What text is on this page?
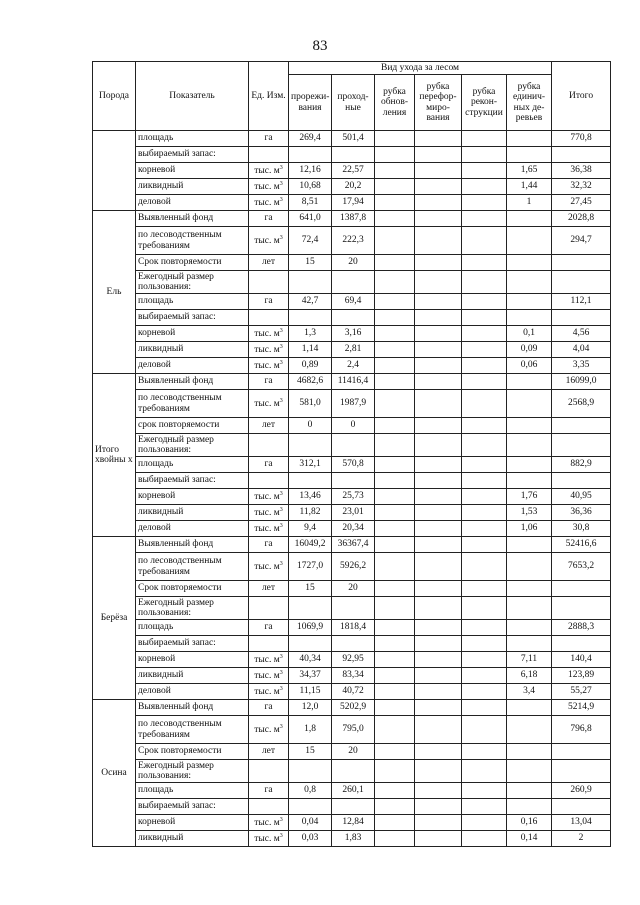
83
Порода	Показатель	Ед. Изм.	Вид ухода за лесом						Итого
			прорежи-вания	проход-ные	рубка обнов-ления	рубка перефор-миро-вания	рубка рекон-струкции	рубка единич-ных де-ревьев	
	площадь	га	269,4	501,4					770,8
	выбираемый запас:								
	корневой	тыс. $м^3$	12,16	22,57				1,65	36,38
	ликвидный	тыс. $м^3$	10,68	20,2				1,44	32,32
	деловой	тыс. $м^3$	8,51	17,94				1	27,45
Ель	Выявленный фонд	га	641,0	1387,8					2028,8
	по лесоводственным требованиям	тыс. $м^3$	72,4	222,3					294,7
	Срок повторяемости	лет	15	20					
	Ежегодный размер пользования:								
	площадь	га	42,7	69,4					112,1
	выбираемый запас:								
	корневой	тыс. $м^3$	1,3	3,16				0,1	4,56
	ликвидный	тыс. $м^3$	1,14	2,81				0,09	4,04
	деловой	тыс. $м^3$	0,89	2,4				0,06	3,35
Итого хвойны х	Выявленный фонд	га	4682,6	11416,4					16099,0
	по лесоводственным требованиям	тыс. $м^3$	581,0	1987,9					2568,9
	срок повторяемости	лет	0	0					
	Ежегодный размер пользования:								
	площадь	га	312,1	570,8					882,9
	выбираемый запас:								
	корневой	тыс. $м^3$	13,46	25,73				1,76	40,95
	ликвидный	тыс. $м^3$	11,82	23,01				1,53	36,36
	деловой	тыс. $м^3$	9,4	20,34				1,06	30,8
Берёза	Выявленный фонд	га	16049,2	36367,4					52416,6
	по лесоводственным требованиям	тыс. $м^3$	1727,0	5926,2					7653,2
	Срок повторяемости	лет	15	20					
	Ежегодный размер пользования:								
	площадь	га	1069,9	1818,4					2888,3
	выбираемый запас:								
	корневой	тыс. $м^3$	40,34	92,95				7,11	140,4
	ликвидный	тыс. $м^3$	34,37	83,34				6,18	123,89
	деловой	тыс. $м^3$	11,15	40,72				3,4	55,27
Осина	Выявленный фонд	га	12,0	5202,9					5214,9
	по лесоводственным требованиям	тыс. $м^3$	1,8	795,0					796,8
	Срок повторяемости	лет	15	20					
	Ежегодный размер пользования:								
	площадь	га	0,8	260,1					260,9
	выбираемый запас:								
	корневой	тыс. $м^3$	0,04	12,84				0,16	13,04
	ликвидный	тыс. $м^3$	0,03	1,83				0,14	2
